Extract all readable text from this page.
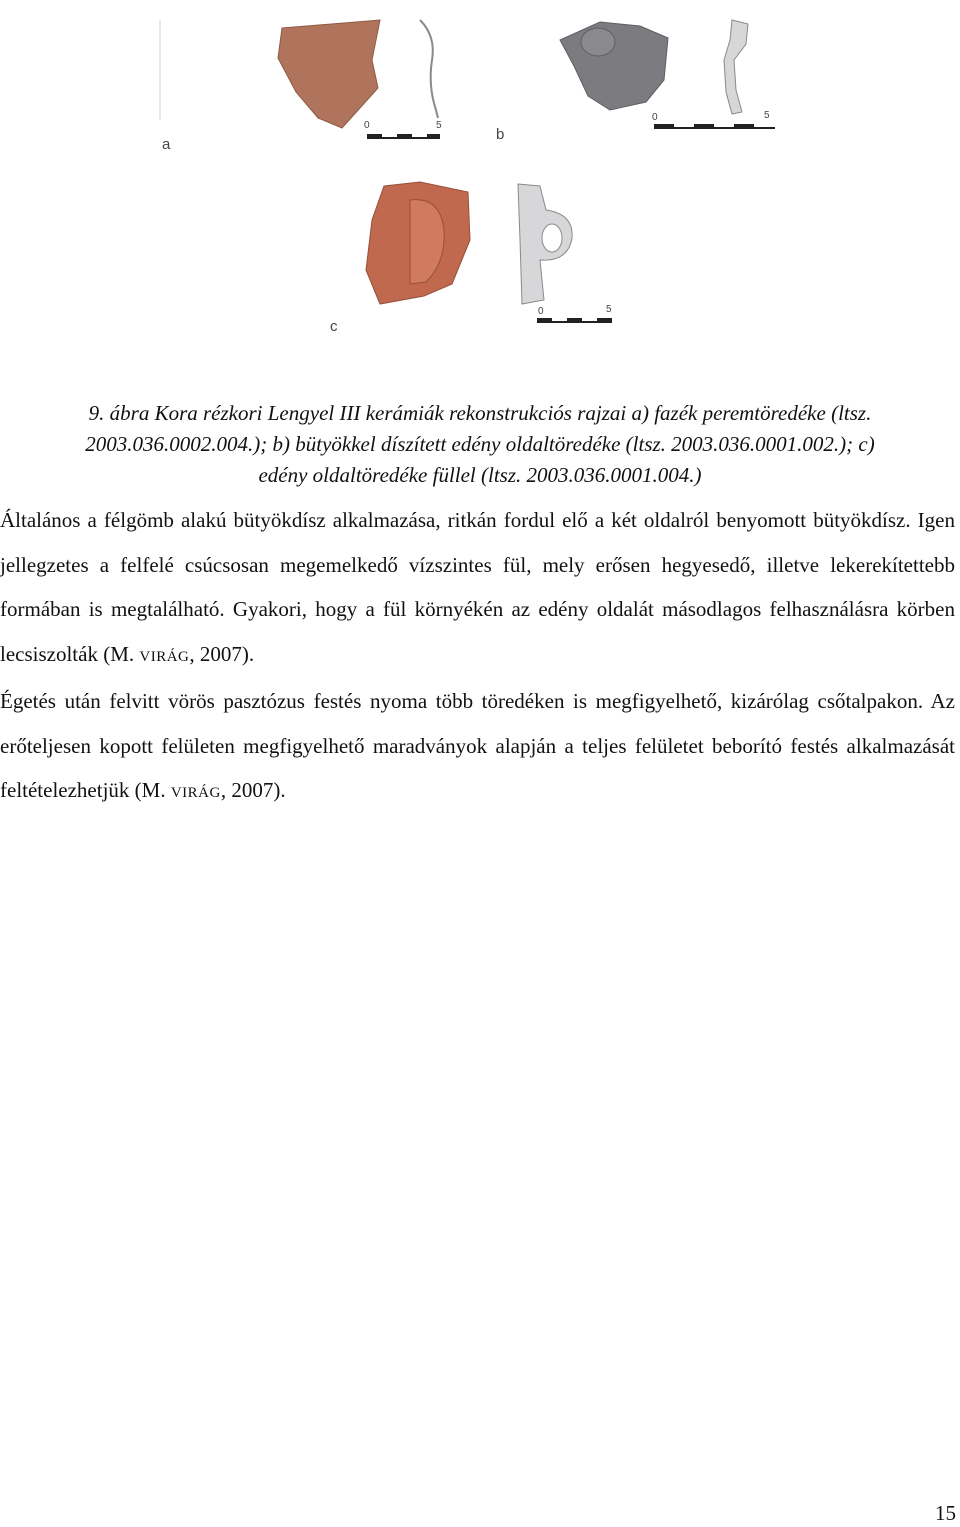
a
b
c
0	5
0	5
0	5
9. ábra Kora rézkori Lengyel III kerámiák rekonstrukciós rajzai a) fazék peremtöredéke (ltsz.
2003.036.0002.004.); b) bütyökkel díszített edény oldaltöredéke (ltsz. 2003.036.0001.002.); c)
edény oldaltöredéke füllel (ltsz. 2003.036.0001.004.)

Általános a félgömb alakú bütyökdísz alkalmazása, ritkán fordul elő a két oldalról benyomott bütyökdísz. Igen jellegzetes a felfelé csúcsosan megemelkedő vízszintes fül, mely erősen hegyesedő, illetve lekerekítettebb formában is megtalálható. Gyakori, hogy a fül környékén az edény oldalát másodlagos felhasználásra körben lecsiszolták (M. VIRÁG, 2007).

Égetés után felvitt vörös pasztózus festés nyoma több töredéken is megfigyelhető, kizárólag csőtalpakon. Az erőteljesen kopott felületen megfigyelhető maradványok alapján a teljes felületet beborító festés alkalmazását feltételezhetjük (M. VIRÁG, 2007).

15
